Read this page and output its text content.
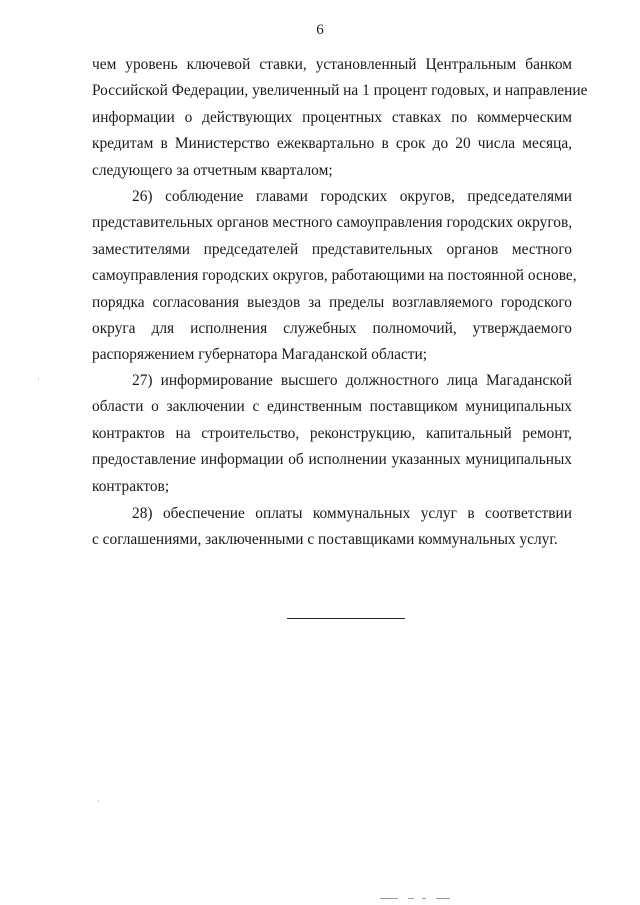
6
чем уровень ключевой ставки, установленный Центральным банком
Российской Федерации, увеличенный на 1 процент годовых, и направление
информации о действующих процентных ставках по коммерческим
кредитам в Министерство ежеквартально в срок до 20 числа месяца,
следующего за отчетным кварталом;
26) соблюдение главами городских округов, председателями
представительных органов местного самоуправления городских округов,
заместителями председателей представительных органов местного
самоуправления городских округов, работающими на постоянной основе,
порядка согласования выездов за пределы возглавляемого городского
округа для исполнения служебных полномочий, утверждаемого
распоряжением губернатора Магаданской области;
27) информирование высшего должностного лица Магаданской
области о заключении с единственным поставщиком муниципальных
контрактов на строительство, реконструкцию, капитальный ремонт,
предоставление информации об исполнении указанных муниципальных
контрактов;
28) обеспечение оплаты коммунальных услуг в соответствии
с соглашениями, заключенными с поставщиками коммунальных услуг.
